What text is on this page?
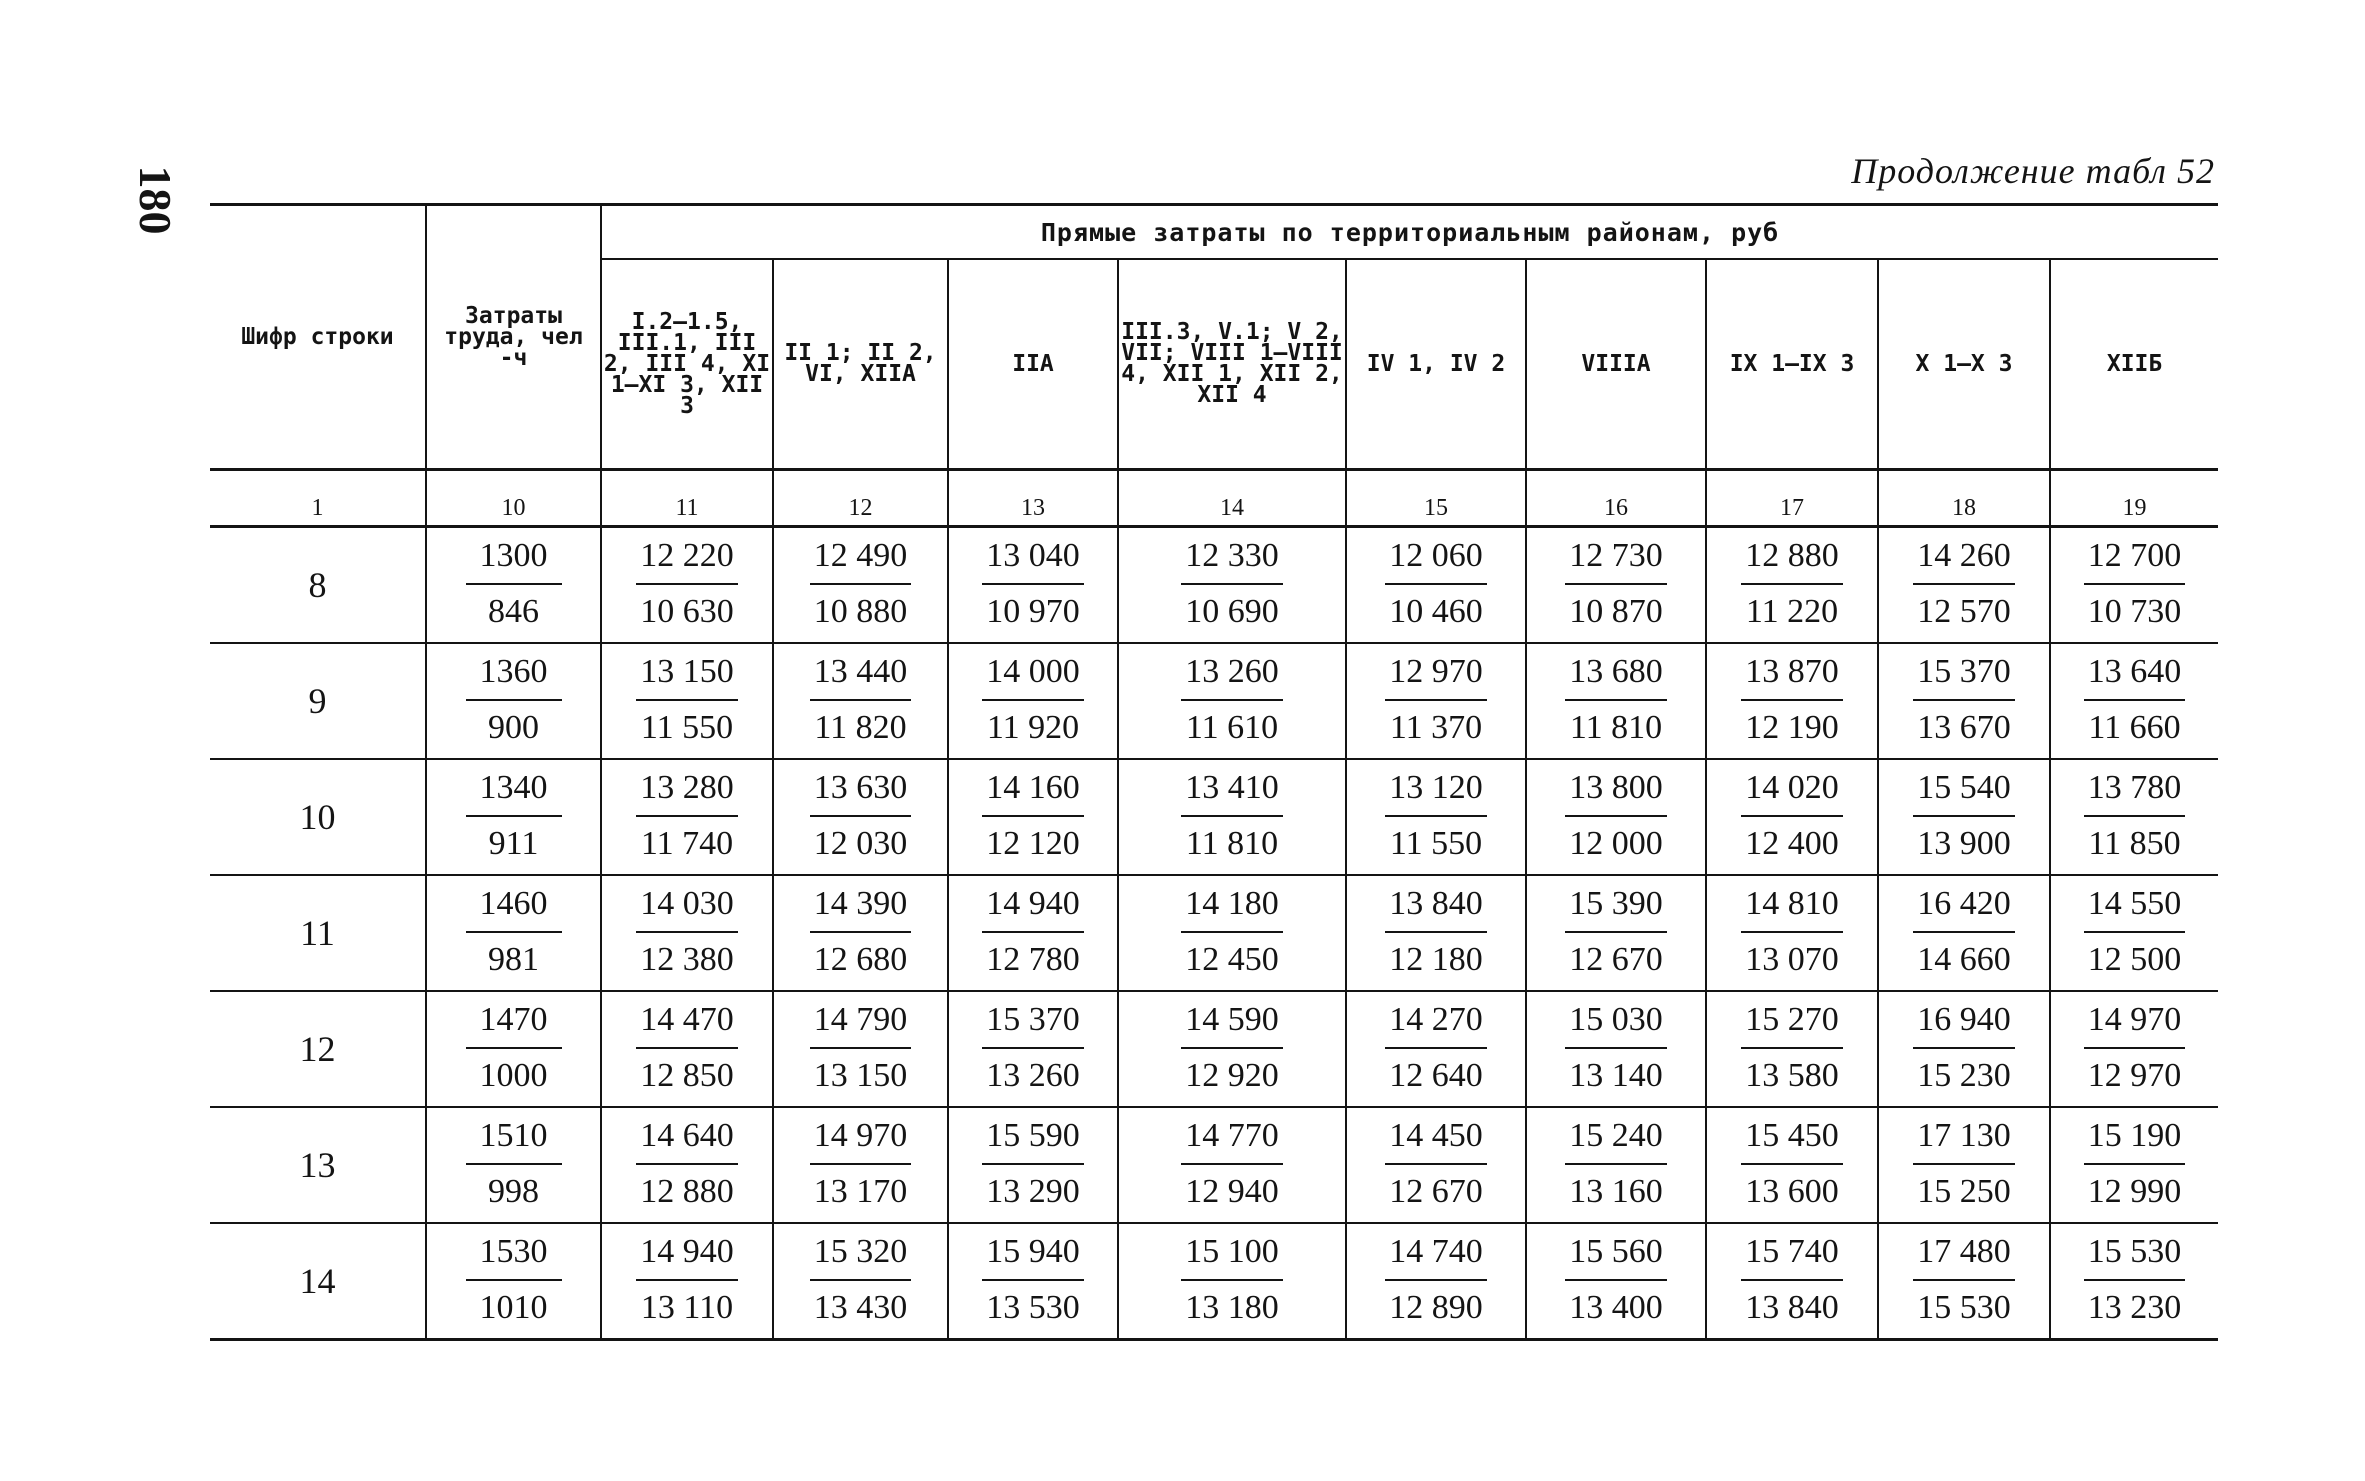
180	Продолжение табл 52
Шифр строки	Затраты труда, чел -ч	Прямые затраты по территориальным районам, руб								
		I.2—1.5, III.1, III 2, III 4, XI 1—XI 3, XII 3	II 1; II 2, VI, XIIA	IIA	III.3, V.1; V 2, VII; VIII 1—VIII 4, XII 1, XII 2, XII 4	IV 1, IV 2	VIIIA	IX 1—IX 3	X 1—X 3	XIIБ
1	10	11	12	13	14	15	16	17	18	19
8	$\frac{1300}{846}$	$\frac{12 220}{10 630}$	$\frac{12 490}{10 880}$	$\frac{13 040}{10 970}$	$\frac{12 330}{10 690}$	$\frac{12 060}{10 460}$	$\frac{12 730}{10 870}$	$\frac{12 880}{11 220}$	$\frac{14 260}{12 570}$	$\frac{12 700}{10 730}$

9	$\frac{1360}{900}$	$\frac{13 150}{11 550}$	$\frac{13 440}{11 820}$	$\frac{14 000}{11 920}$	$\frac{13 260}{11 610}$	$\frac{12 970}{11 370}$	$\frac{13 680}{11 810}$	$\frac{13 870}{12 190}$	$\frac{15 370}{13 670}$	$\frac{13 640}{11 660}$

10	$\frac{1340}{911}$	$\frac{13 280}{11 740}$	$\frac{13 630}{12 030}$	$\frac{14 160}{12 120}$	$\frac{13 410}{11 810}$	$\frac{13 120}{11 550}$	$\frac{13 800}{12 000}$	$\frac{14 020}{12 400}$	$\frac{15 540}{13 900}$	$\frac{13 780}{11 850}$

11	$\frac{1460}{981}$	$\frac{14 030}{12 380}$	$\frac{14 390}{12 680}$	$\frac{14 940}{12 780}$	$\frac{14 180}{12 450}$	$\frac{13 840}{12 180}$	$\frac{15 390}{12 670}$	$\frac{14 810}{13 070}$	$\frac{16 420}{14 660}$	$\frac{14 550}{12 500}$

12	$\frac{1470}{1000}$	$\frac{14 470}{12 850}$	$\frac{14 790}{13 150}$	$\frac{15 370}{13 260}$	$\frac{14 590}{12 920}$	$\frac{14 270}{12 640}$	$\frac{15 030}{13 140}$	$\frac{15 270}{13 580}$	$\frac{16 940}{15 230}$	$\frac{14 970}{12 970}$

13	$\frac{1510}{998}$	$\frac{14 640}{12 880}$	$\frac{14 970}{13 170}$	$\frac{15 590}{13 290}$	$\frac{14 770}{12 940}$	$\frac{14 450}{12 670}$	$\frac{15 240}{13 160}$	$\frac{15 450}{13 600}$	$\frac{17 130}{15 250}$	$\frac{15 190}{12 990}$

14	$\frac{1530}{1010}$	$\frac{14 940}{13 110}$	$\frac{15 320}{13 430}$	$\frac{15 940}{13 530}$	$\frac{15 100}{13 180}$	$\frac{14 740}{12 890}$	$\frac{15 560}{13 400}$	$\frac{15 740}{13 840}$	$\frac{17 480}{15 530}$	$\frac{15 530}{13 230}$
